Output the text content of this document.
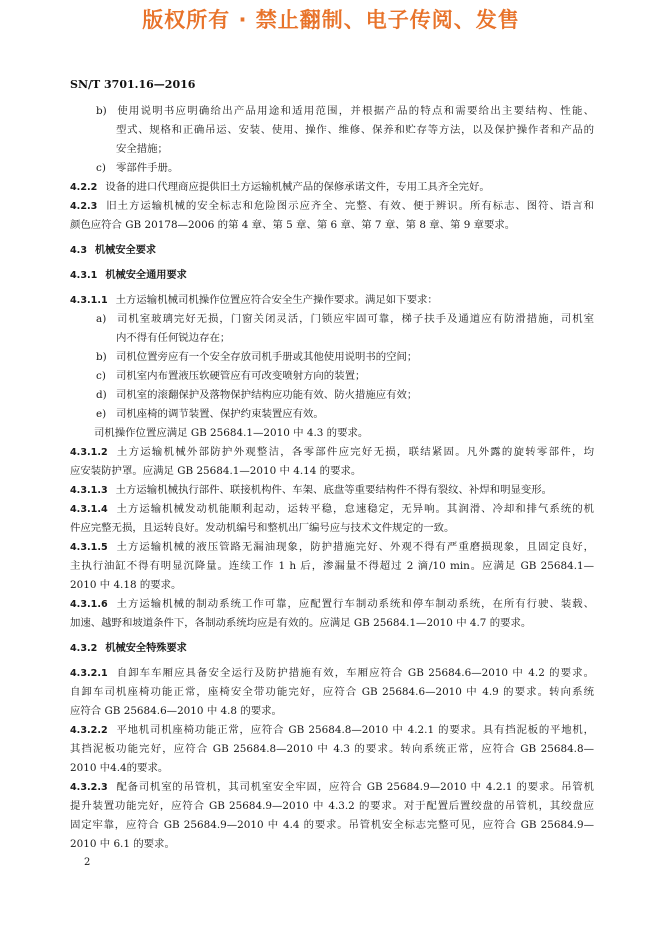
版权所有 · 禁止翻制、电子传阅、发售
SN/T 3701.16—2016
b) 使用说明书应明确给出产品用途和适用范围，并根据产品的特点和需要给出主要结构、性能、
型式、规格和正确吊运、安装、使用、操作、维修、保养和贮存等方法，以及保护操作者和产品的
安全措施；
c) 零部件手册。
4.2.2 设备的进口代理商应提供旧土方运输机械产品的保修承诺文件，专用工具齐全完好。
4.2.3 旧土方运输机械的安全标志和危险图示应齐全、完整、有效、便于辨识。所有标志、图符、语言和
颜色应符合 GB 20178—2006 的第 4 章、第 5 章、第 6 章、第 7 章、第 8 章、第 9 章要求。
4.3 机械安全要求
4.3.1 机械安全通用要求
4.3.1.1 土方运输机械司机操作位置应符合安全生产操作要求。满足如下要求：
a) 司机室玻璃完好无损，门窗关闭灵活，门锁应牢固可靠，梯子扶手及通道应有防滑措施，司机室
内不得有任何锐边存在；
b) 司机位置旁应有一个安全存放司机手册或其他使用说明书的空间；
c) 司机室内布置液压软硬管应有可改变喷射方向的装置；
d) 司机室的滚翻保护及落物保护结构应功能有效、防火措施应有效；
e) 司机座椅的调节装置、保护约束装置应有效。
司机操作位置应满足 GB 25684.1—2010 中 4.3 的要求。
4.3.1.2 土方运输机械外部防护外观整洁，各零部件应完好无损，联结紧固。凡外露的旋转零部件，均
应安装防护罩。应满足 GB 25684.1—2010 中 4.14 的要求。
4.3.1.3 土方运输机械执行部件、联接机构件、车架、底盘等重要结构件不得有裂纹、补焊和明显变形。
4.3.1.4 土方运输机械发动机能顺利起动，运转平稳，怠速稳定，无异响。其润滑、冷却和排气系统的机
件应完整无损，且运转良好。发动机编号和整机出厂编号应与技术文件规定的一致。
4.3.1.5 土方运输机械的液压管路无漏油现象，防护措施完好、外观不得有严重磨损现象，且固定良好，
主执行油缸不得有明显沉降量。连续工作 1 h 后，渗漏量不得超过 2 滴/10 min。应满足 GB 25684.1—
2010 中 4.18 的要求。
4.3.1.6 土方运输机械的制动系统工作可靠，应配置行车制动系统和停车制动系统，在所有行驶、装载、
加速、越野和坡道条件下，各制动系统均应是有效的。应满足 GB 25684.1—2010 中 4.7 的要求。
4.3.2 机械安全特殊要求
4.3.2.1 自卸车车厢应具备安全运行及防护措施有效，车厢应符合 GB 25684.6—2010 中 4.2 的要求。
自卸车司机座椅功能正常，座椅安全带功能完好，应符合 GB 25684.6—2010 中 4.9 的要求。转向系统
应符合 GB 25684.6—2010 中 4.8 的要求。
4.3.2.2 平地机司机座椅功能正常，应符合 GB 25684.8—2010 中 4.2.1 的要求。具有挡泥板的平地机，
其挡泥板功能完好，应符合 GB 25684.8—2010 中 4.3 的要求。转向系统正常，应符合 GB 25684.8—
2010 中4.4的要求。
4.3.2.3 配备司机室的吊管机，其司机室安全牢固，应符合 GB 25684.9—2010 中 4.2.1 的要求。吊管机
提升装置功能完好，应符合 GB 25684.9—2010 中 4.3.2 的要求。对于配置后置绞盘的吊管机，其绞盘应
固定牢靠，应符合 GB 25684.9—2010 中 4.4 的要求。吊管机安全标志完整可见，应符合 GB 25684.9—
2010 中 6.1 的要求。
2
